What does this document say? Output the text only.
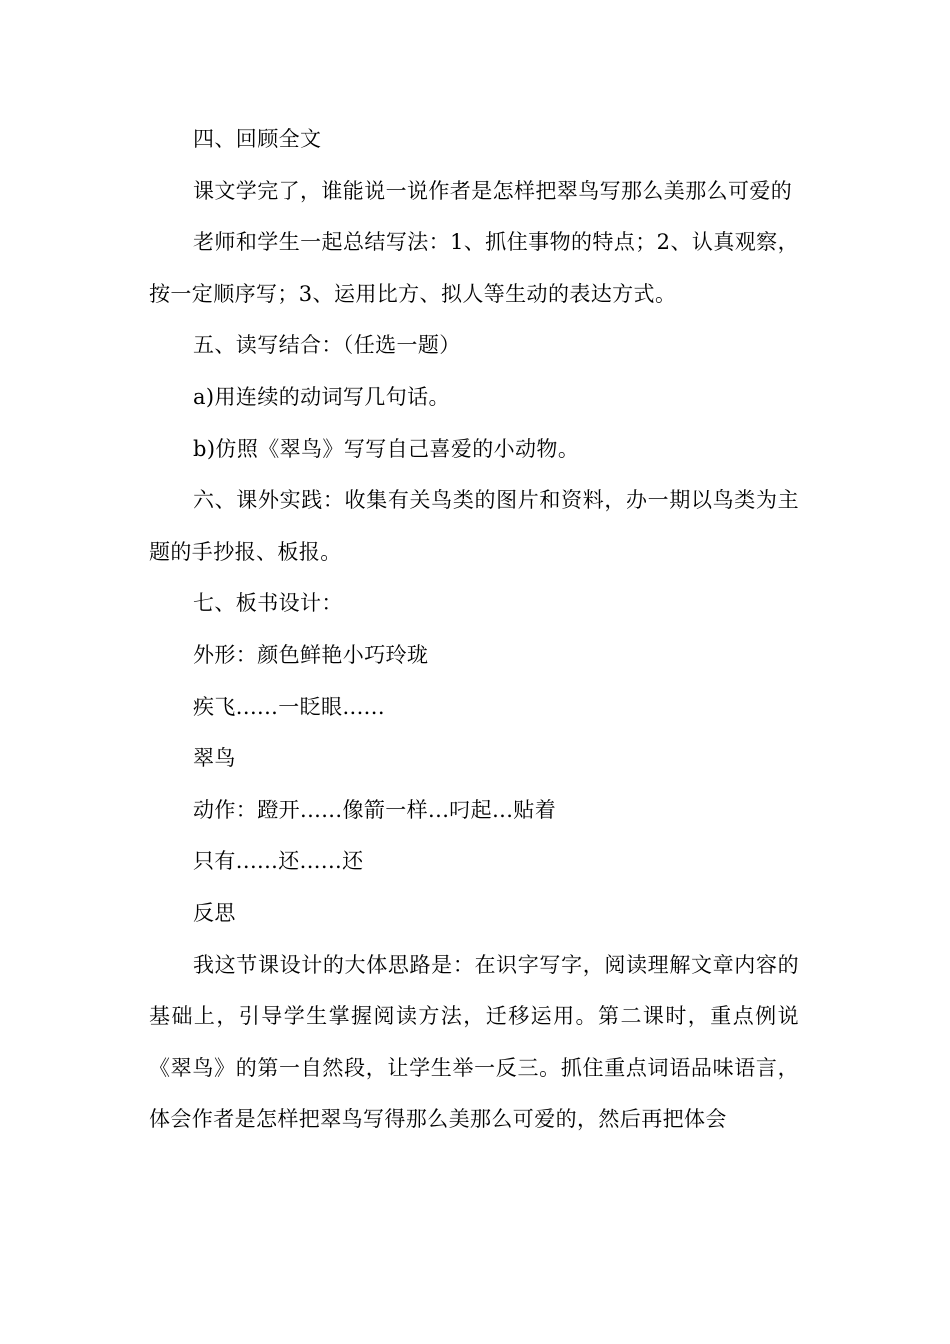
四、回顾全文

课文学完了，谁能说一说作者是怎样把翠鸟写那么美那么可爱的

老师和学生一起总结写法：1、抓住事物的特点；2、认真观察，按一定顺序写；3、运用比方、拟人等生动的表达方式。

五、读写结合：（任选一题）

a)用连续的动词写几句话。

b)仿照《翠鸟》写写自己喜爱的小动物。

六、课外实践：收集有关鸟类的图片和资料，办一期以鸟类为主题的手抄报、板报。

七、板书设计：

外形：颜色鲜艳小巧玲珑

疾飞......一眨眼......

翠鸟

动作：蹬开......像箭一样...叼起...贴着

只有......还......还

反思

我这节课设计的大体思路是：在识字写字，阅读理解文章内容的基础上，引导学生掌握阅读方法，迁移运用。第二课时，重点例说《翠鸟》的第一自然段，让学生举一反三。抓住重点词语品味语言，体会作者是怎样把翠鸟写得那么美那么可爱的，然后再把体会
